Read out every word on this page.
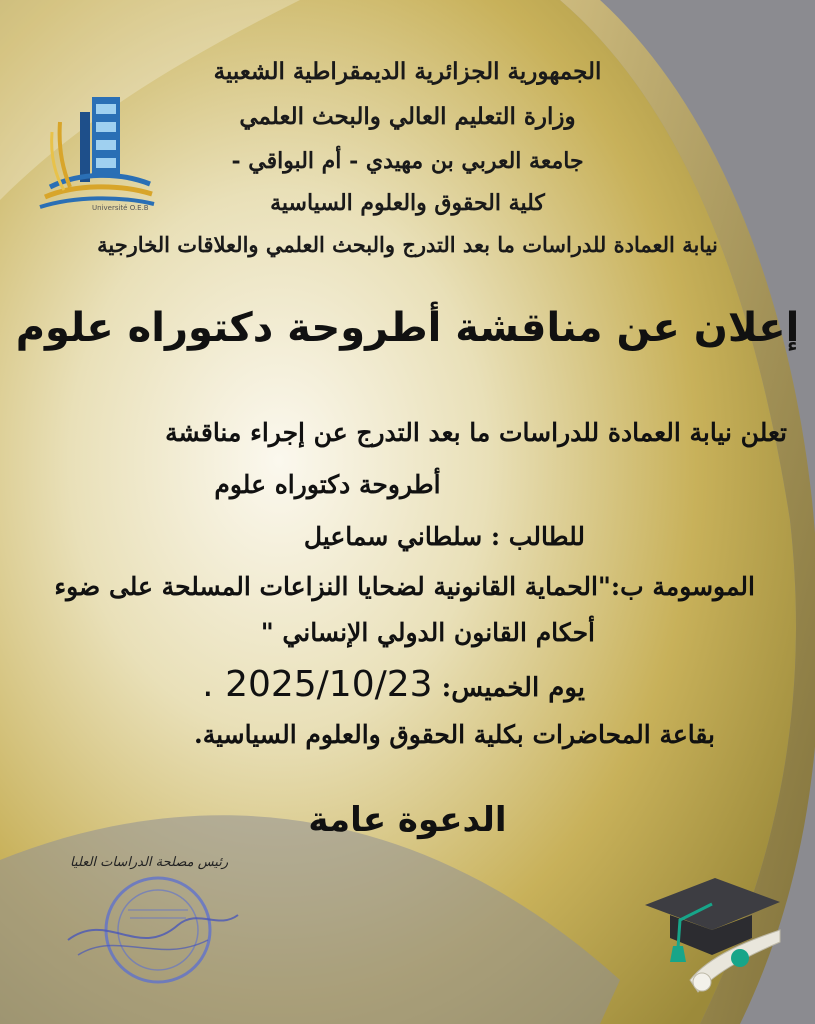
Université O.E.B
الجمهورية الجزائرية الديمقراطية الشعبية
وزارة التعليم العالي والبحث العلمي
جامعة العربي بن مهيدي - أم البواقي -
كلية الحقوق والعلوم السياسية
نيابة العمادة للدراسات ما بعد التدرج والبحث العلمي والعلاقات الخارجية
إعلان عن مناقشة أطروحة دكتوراه علوم
تعلن نيابة العمادة للدراسات ما بعد التدرج عن إجراء مناقشة
أطروحة دكتوراه علوم
للطالب : سلطاني سماعيل
الموسومة ب:"الحماية القانونية لضحايا النزاعات المسلحة على ضوء
أحكام القانون الدولي الإنساني "
يوم الخميس: 2025/10/23 .
بقاعة المحاضرات بكلية الحقوق والعلوم السياسية.
الدعوة عامة
رئيس مصلحة الدراسات العليا
